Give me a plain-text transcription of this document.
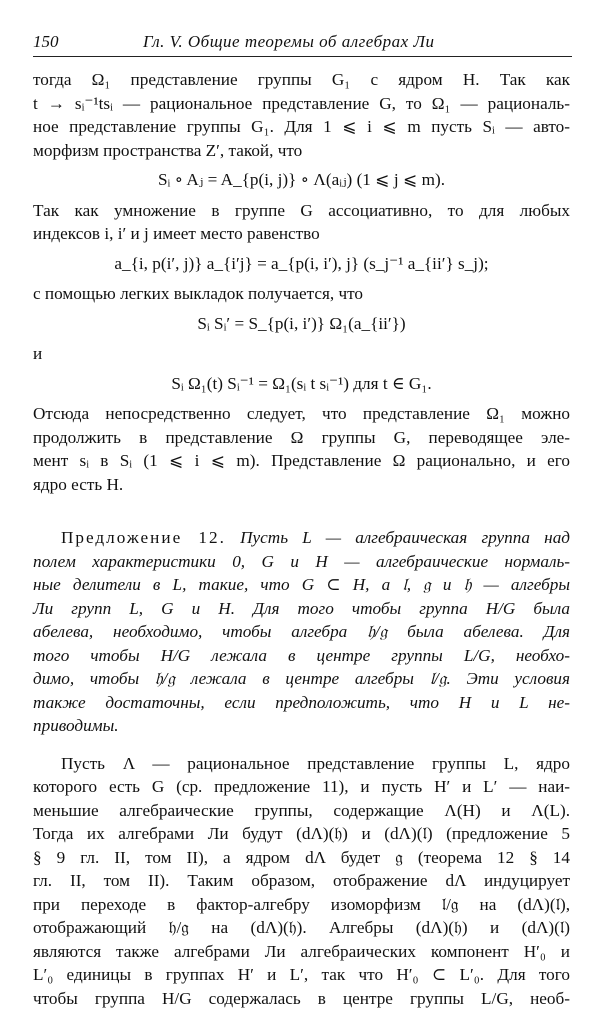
150	Гл. V. Общие теоремы об алгебрах Ли

тогда Ω₁ представление группы G₁ с ядром H. Так как

t → sᵢ⁻¹tsᵢ — рациональное представление G, то Ω₁ — рациональ-

ное представление группы G₁. Для 1 ⩽ i ⩽ m пусть Sᵢ — авто-

морфизм пространства Z′, такой, что

Sᵢ ∘ Aⱼ = A_{p(i, j)} ∘ Λ(aᵢⱼ) (1 ⩽ j ⩽ m).

Так как умножение в группе G ассоциативно, то для любых

индексов i, i′ и j имеет место равенство

a_{i, p(i′, j)} a_{i′j} = a_{p(i, i′), j} (s_j⁻¹ a_{ii′} s_j);

с помощью легких выкладок получается, что

Sᵢ Sᵢ′ = S_{p(i, i′)} Ω₁(a_{ii′})

и

Sᵢ Ω₁(t) Sᵢ⁻¹ = Ω₁(sᵢ t sᵢ⁻¹) для t ∈ G₁.

Отсюда непосредственно следует, что представление Ω₁ можно

продолжить в представление Ω группы G, переводящее эле-

мент sᵢ в Sᵢ (1 ⩽ i ⩽ m). Представление Ω рационально, и его

ядро есть H.

Предложение 12. Пусть L — алгебраическая группа над

полем характеристики 0, G и H — алгебраические нормаль-

ные делители в L, такие, что G ⊂ H, а 𝔩, 𝔤 и 𝔥 — алгебры

Ли групп L, G и H. Для того чтобы группа H/G была

абелева, необходимо, чтобы алгебра 𝔥/𝔤 была абелева. Для

того чтобы H/G лежала в центре группы L/G, необхо-

димо, чтобы 𝔥/𝔤 лежала в центре алгебры 𝔩/𝔤. Эти условия

также достаточны, если предположить, что H и L не-

приводимы.

Пусть Λ — рациональное представление группы L, ядро

которого есть G (ср. предложение 11), и пусть H′ и L′ — наи-

меньшие алгебраические группы, содержащие Λ(H) и Λ(L).

Тогда их алгебрами Ли будут (dΛ)(𝔥) и (dΛ)(𝔩) (предложение 5

§ 9 гл. II, том II), а ядром dΛ будет 𝔤 (теорема 12 § 14

гл. II, том II). Таким образом, отображение dΛ индуцирует

при переходе в фактор-алгебру изоморфизм 𝔩/𝔤 на (dΛ)(𝔩),

отображающий 𝔥/𝔤 на (dΛ)(𝔥). Алгебры (dΛ)(𝔥) и (dΛ)(𝔩)

являются также алгебрами Ли алгебраических компонент H′₀ и

L′₀ единицы в группах H′ и L′, так что H′₀ ⊂ L′₀. Для того

чтобы группа H/G содержалась в центре группы L/G, необ-
